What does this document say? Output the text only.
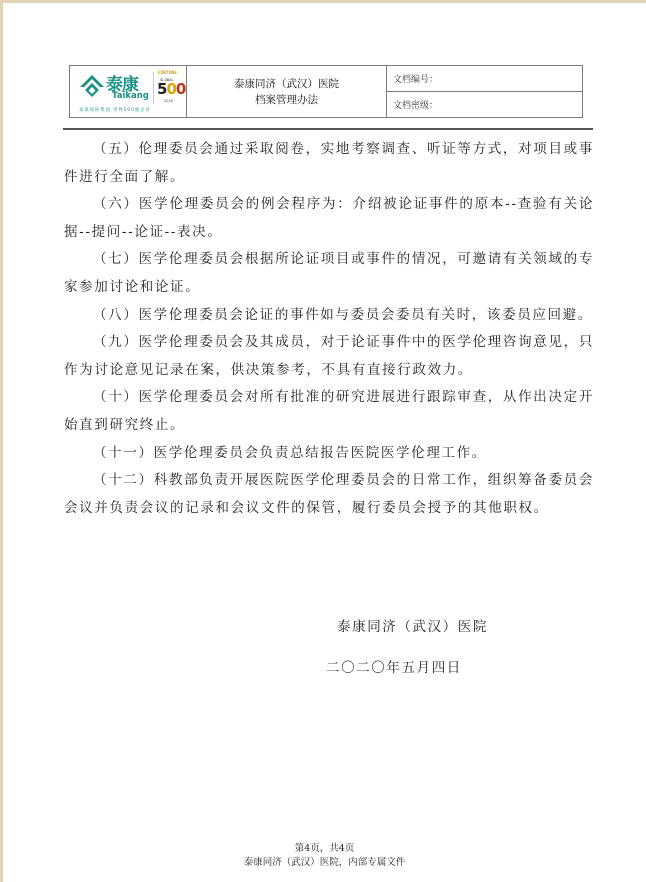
泰康
Taikang
FORTUNE
GLOBAL
500
2018
泰康保险集团 世界500强企业
泰康同济（武汉）医院
档案管理办法
文档编号：
文档密级：

（五）伦理委员会通过采取阅卷，实地考察调查、听证等方式，对项目或事件进行全面了解。

（六）医学伦理委员会的例会程序为：介绍被论证事件的原本--查验有关论据--提问--论证--表决。

（七）医学伦理委员会根据所论证项目或事件的情况，可邀请有关领域的专家参加讨论和论证。

（八）医学伦理委员会论证的事件如与委员会委员有关时，该委员应回避。

（九）医学伦理委员会及其成员，对于论证事件中的医学伦理咨询意见，只作为讨论意见记录在案，供决策参考，不具有直接行政效力。

（十）医学伦理委员会对所有批准的研究进展进行跟踪审查，从作出决定开始直到研究终止。

（十一）医学伦理委员会负责总结报告医院医学伦理工作。

（十二）科教部负责开展医院医学伦理委员会的日常工作，组织筹备委员会会议并负责会议的记录和会议文件的保管，履行委员会授予的其他职权。

泰康同济（武汉）医院
二〇二〇年五月四日
第4页，共4页
泰康同济（武汉）医院，内部专属文件
